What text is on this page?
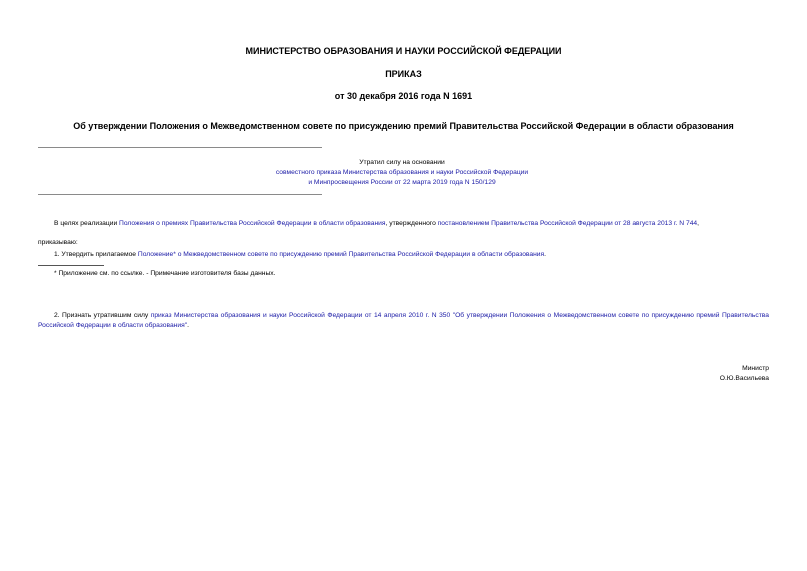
МИНИСТЕРСТВО ОБРАЗОВАНИЯ И НАУКИ РОССИЙСКОЙ ФЕДЕРАЦИИ
ПРИКАЗ
от 30 декабря 2016 года N 1691
Об утверждении Положения о Межведомственном совете по присуждению премий Правительства Российской Федерации в области образования
Утратил силу на основании
совместного приказа Министерства образования и науки Российской Федерации
и Минпросвещения России от 22 марта 2019 года N 150/129
В целях реализации Положения о премиях Правительства Российской Федерации в области образования, утвержденного постановлением Правительства Российской Федерации от 28 августа 2013 г. N 744,
приказываю:
1. Утвердить прилагаемое Положение* о Межведомственном совете по присуждению премий Правительства Российской Федерации в области образования.
* Приложение см. по ссылке. - Примечание изготовителя базы данных.
2. Признать утратившим силу приказ Министерства образования и науки Российской Федерации от 14 апреля 2010 г. N 350 "Об утверждении Положения о Межведомственном совете по присуждению премий Правительства Российской Федерации в области образования".
Министр
О.Ю.Васильева
